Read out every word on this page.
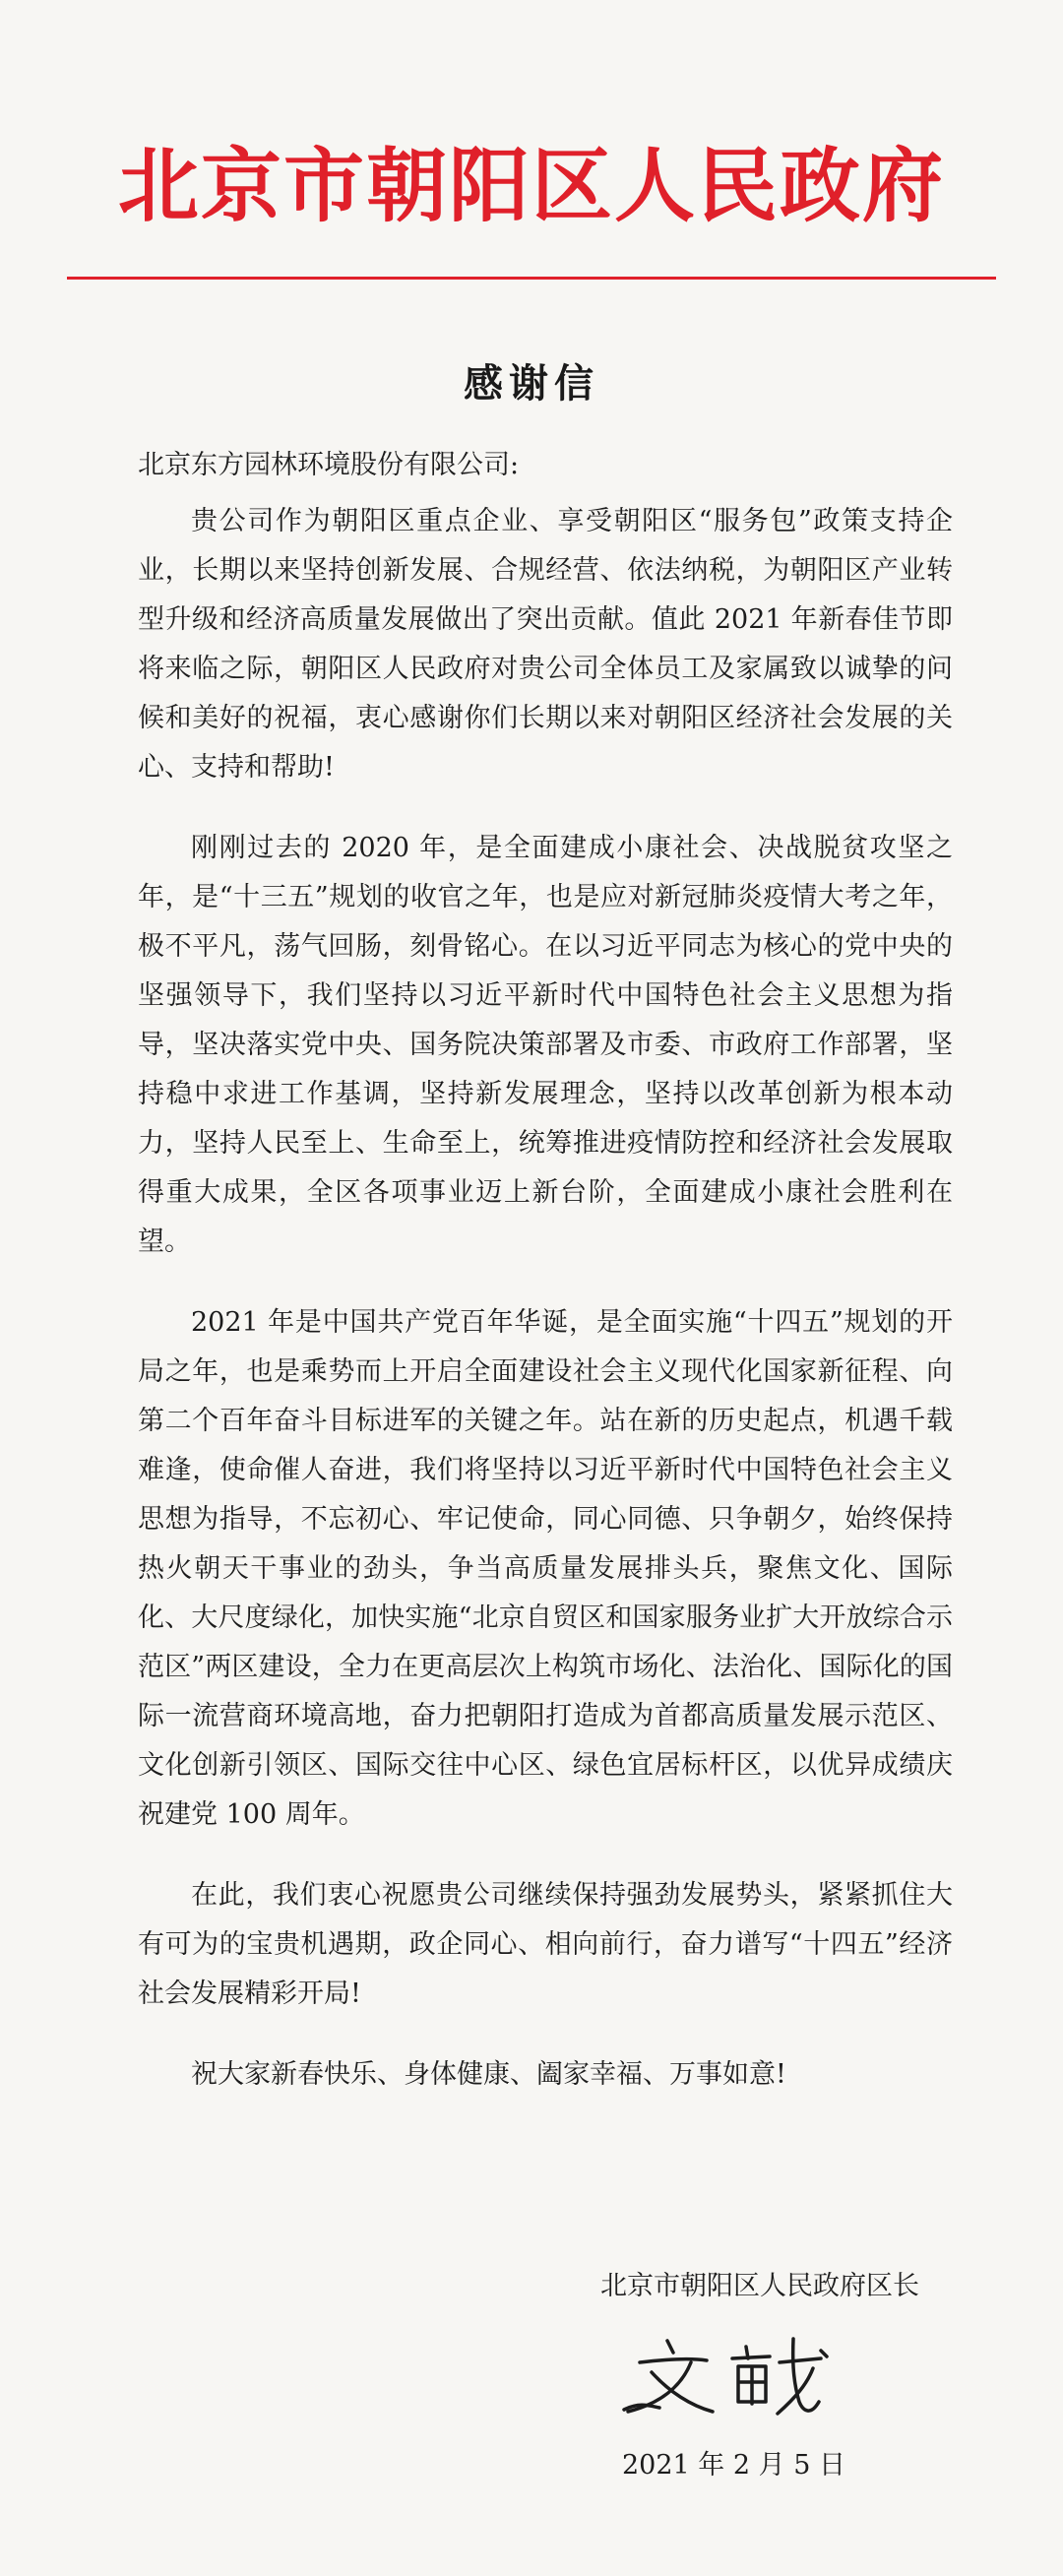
北京市朝阳区人民政府
感谢信
北京东方园林环境股份有限公司:

贵公司作为朝阳区重点企业、享受朝阳区“服务包”政策支持企业，长期以来坚持创新发展、合规经营、依法纳税，为朝阳区产业转型升级和经济高质量发展做出了突出贡献。值此 2021 年新春佳节即将来临之际，朝阳区人民政府对贵公司全体员工及家属致以诚挚的问候和美好的祝福，衷心感谢你们长期以来对朝阳区经济社会发展的关心、支持和帮助!

刚刚过去的 2020 年，是全面建成小康社会、决战脱贫攻坚之年，是“十三五”规划的收官之年，也是应对新冠肺炎疫情大考之年，极不平凡，荡气回肠，刻骨铭心。在以习近平同志为核心的党中央的坚强领导下，我们坚持以习近平新时代中国特色社会主义思想为指导，坚决落实党中央、国务院决策部署及市委、市政府工作部署，坚持稳中求进工作基调，坚持新发展理念，坚持以改革创新为根本动力，坚持人民至上、生命至上，统筹推进疫情防控和经济社会发展取得重大成果，全区各项事业迈上新台阶，全面建成小康社会胜利在望。

2021 年是中国共产党百年华诞，是全面实施“十四五”规划的开局之年，也是乘势而上开启全面建设社会主义现代化国家新征程、向第二个百年奋斗目标进军的关键之年。站在新的历史起点，机遇千载难逢，使命催人奋进，我们将坚持以习近平新时代中国特色社会主义思想为指导，不忘初心、牢记使命，同心同德、只争朝夕，始终保持热火朝天干事业的劲头，争当高质量发展排头兵，聚焦文化、国际化、大尺度绿化，加快实施“北京自贸区和国家服务业扩大开放综合示范区”两区建设，全力在更高层次上构筑市场化、法治化、国际化的国际一流营商环境高地，奋力把朝阳打造成为首都高质量发展示范区、文化创新引领区、国际交往中心区、绿色宜居标杆区，以优异成绩庆祝建党 100 周年。

在此，我们衷心祝愿贵公司继续保持强劲发展势头，紧紧抓住大有可为的宝贵机遇期，政企同心、相向前行，奋力谱写“十四五”经济社会发展精彩开局!

祝大家新春快乐、身体健康、阖家幸福、万事如意!

北京市朝阳区人民政府区长
2021 年 2 月 5 日
